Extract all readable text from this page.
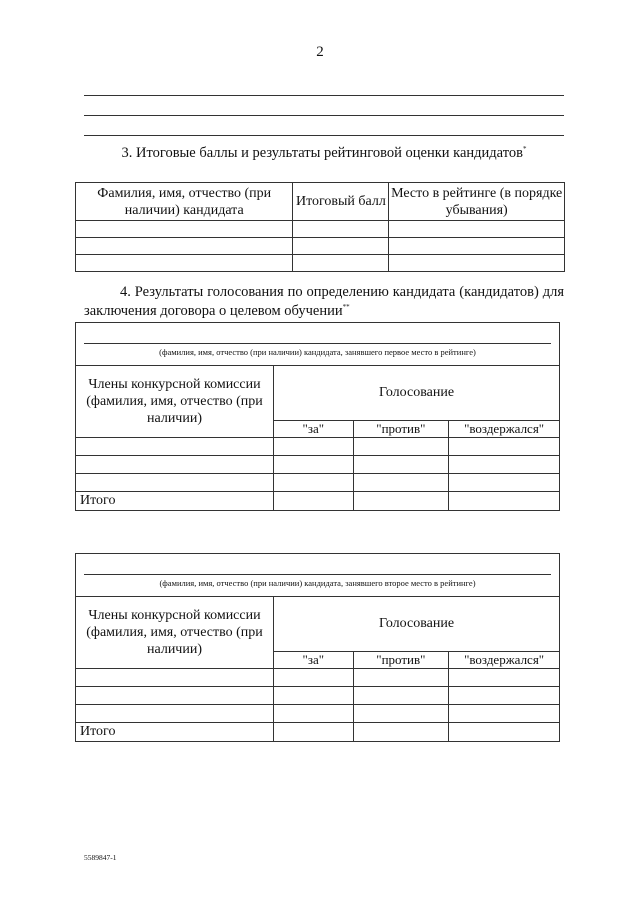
2
3. Итоговые баллы и результаты рейтинговой оценки кандидатов*
Фамилия, имя, отчество (при наличии) кандидата	Итоговый балл	Место в рейтинге (в порядке убывания)

4. Результаты голосования по определению кандидата (кандидатов) для заключения договора о целевом обучении**
(фамилия, имя, отчество (при наличии) кандидата, занявшего первое место в рейтинге)			

Члены конкурсной комиссии (фамилия, имя, отчество (при наличии)	Голосование		
	"за"	"против"	"воздержался"

Итого			
(фамилия, имя, отчество (при наличии) кандидата, занявшего второе место в рейтинге)			

Члены конкурсной комиссии (фамилия, имя, отчество (при наличии)	Голосование		
	"за"	"против"	"воздержался"

Итого			
5589847-1
